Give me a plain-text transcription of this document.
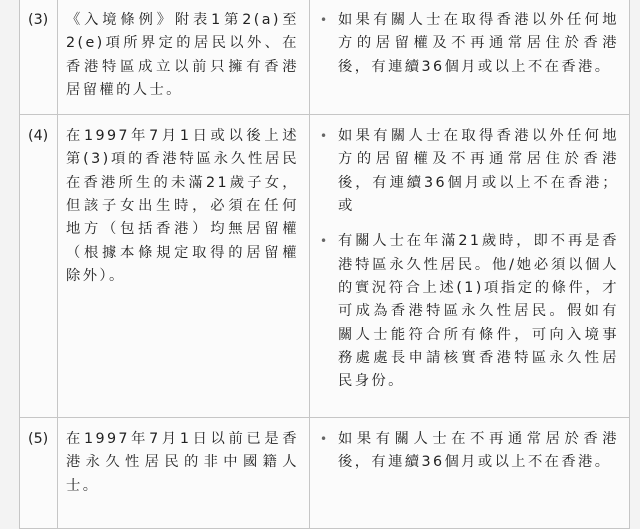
(3)	《入境條例》附表1第2(a)至2(e)項所界定的居民以外、在香港特區成立以前只擁有香港居留權的人士。	• 如果有關人士在取得香港以外任何地方的居留權及不再通常居住於香港後，有連續36個月或以上不在香港。

(4)	在1997年7月1日或以後上述第(3)項的香港特區永久性居民在香港所生的未滿21歲子女，但該子女出生時，必須在任何地方（包括香港）均無居留權（根據本條規定取得的居留權除外）。	• 如果有關人士在取得香港以外任何地方的居留權及不再通常居住於香港後，有連續36個月或以上不在香港；或
• 有關人士在年滿21歲時，即不再是香港特區永久性居民。他/她必須以個人的實況符合上述(1)項指定的條件，才可成為香港特區永久性居民。假如有關人士能符合所有條件，可向入境事務處處長申請核實香港特區永久性居民身份。

(5)	在1997年7月1日以前已是香港永久性居民的非中國籍人士。	• 如果有關人士在不再通常居於香港後，有連續36個月或以上不在香港。
